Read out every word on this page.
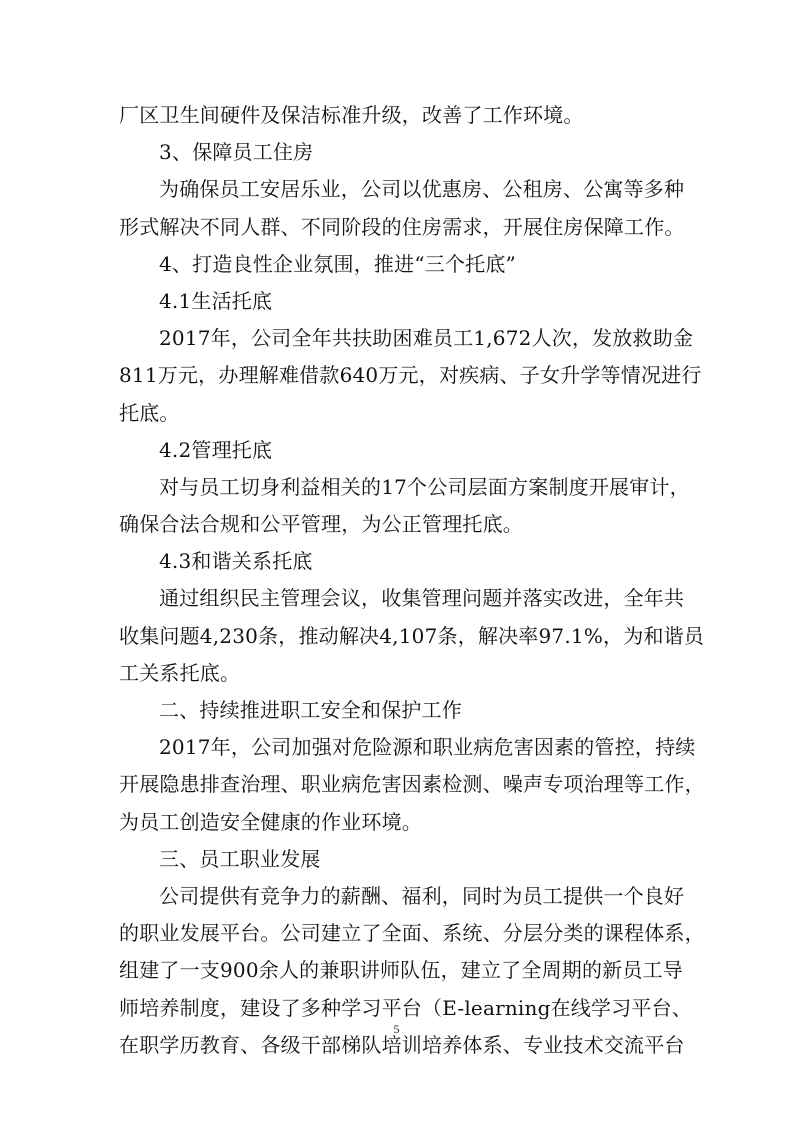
厂区卫生间硬件及保洁标准升级，改善了工作环境。
3、保障员工住房
为确保员工安居乐业，公司以优惠房、公租房、公寓等多种
形式解决不同人群、不同阶段的住房需求，开展住房保障工作。
4、打造良性企业氛围，推进“三个托底”
4.1生活托底
2017年，公司全年共扶助困难员工1,672人次，发放救助金
811万元，办理解难借款640万元，对疾病、子女升学等情况进行
托底。
4.2管理托底
对与员工切身利益相关的17个公司层面方案制度开展审计，
确保合法合规和公平管理，为公正管理托底。
4.3和谐关系托底
通过组织民主管理会议，收集管理问题并落实改进，全年共
收集问题4,230条，推动解决4,107条，解决率97.1%，为和谐员
工关系托底。
二、持续推进职工安全和保护工作
2017年，公司加强对危险源和职业病危害因素的管控，持续
开展隐患排查治理、职业病危害因素检测、噪声专项治理等工作，
为员工创造安全健康的作业环境。
三、员工职业发展
公司提供有竞争力的薪酬、福利，同时为员工提供一个良好
的职业发展平台。公司建立了全面、系统、分层分类的课程体系，
组建了一支900余人的兼职讲师队伍，建立了全周期的新员工导
师培养制度，建设了多种学习平台（E-learning在线学习平台、
在职学历教育、各级干部梯队培训培养体系、专业技术交流平台
5
